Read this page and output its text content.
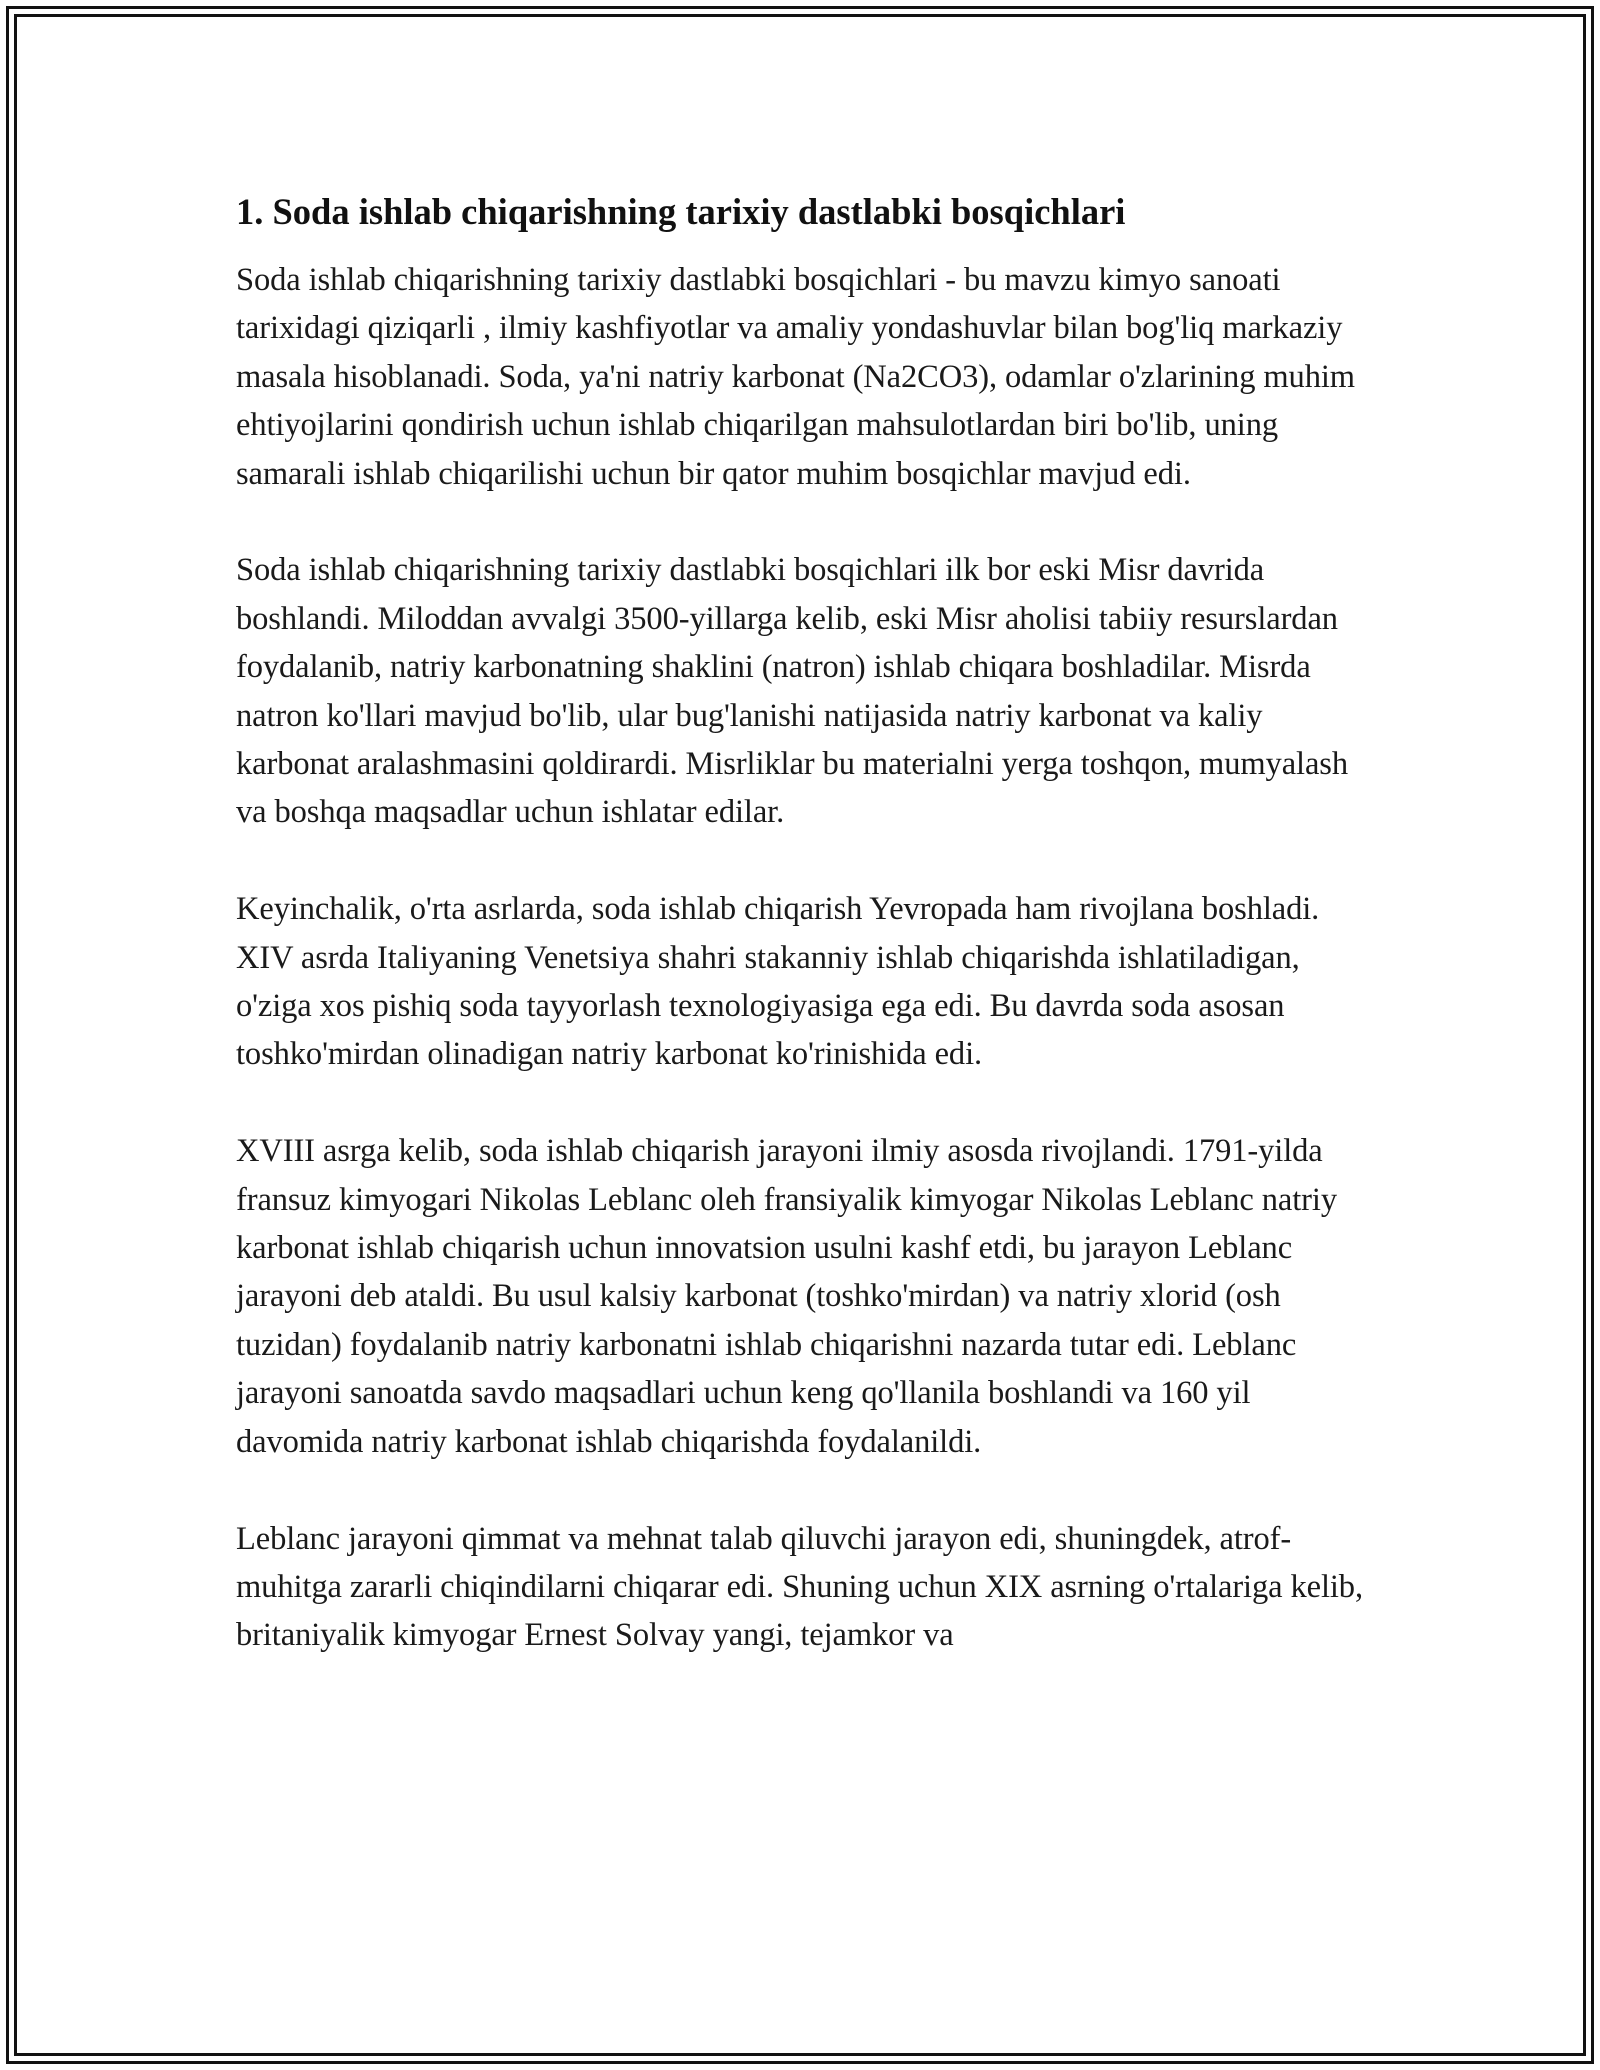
1. Soda ishlab chiqarishning tarixiy dastlabki bosqichlari

Soda ishlab chiqarishning tarixiy dastlabki bosqichlari - bu mavzu kimyo sanoati tarixidagi qiziqarli , ilmiy kashfiyotlar va amaliy yondashuvlar bilan bog'liq markaziy masala hisoblanadi. Soda, ya'ni natriy karbonat (Na2CO3), odamlar o'zlarining muhim ehtiyojlarini qondirish uchun ishlab chiqarilgan mahsulotlardan biri bo'lib, uning samarali ishlab chiqarilishi uchun bir qator muhim bosqichlar mavjud edi.

Soda ishlab chiqarishning tarixiy dastlabki bosqichlari ilk bor eski Misr davrida boshlandi. Miloddan avvalgi 3500-yillarga kelib, eski Misr aholisi tabiiy resurslardan foydalanib, natriy karbonatning shaklini (natron) ishlab chiqara boshladilar. Misrda natron ko'llari mavjud bo'lib, ular bug'lanishi natijasida natriy karbonat va kaliy karbonat aralashmasini qoldirardi. Misrliklar bu materialni yerga toshqon, mumyalash va boshqa maqsadlar uchun ishlatar edilar.

Keyinchalik, o'rta asrlarda, soda ishlab chiqarish Yevropada ham rivojlana boshladi. XIV asrda Italiyaning Venetsiya shahri stakanniy ishlab chiqarishda ishlatiladigan, o'ziga xos pishiq soda tayyorlash texnologiyasiga ega edi. Bu davrda soda asosan toshko'mirdan olinadigan natriy karbonat ko'rinishida edi.

XVIII asrga kelib, soda ishlab chiqarish jarayoni ilmiy asosda rivojlandi. 1791-yilda fransuz kimyogari Nikolas Leblanc oleh fransiyalik kimyogar Nikolas Leblanc natriy karbonat ishlab chiqarish uchun innovatsion usulni kashf etdi, bu jarayon Leblanc jarayoni deb ataldi. Bu usul kalsiy karbonat (toshko'mirdan) va natriy xlorid (osh tuzidan) foydalanib natriy karbonatni ishlab chiqarishni nazarda tutar edi. Leblanc jarayoni sanoatda savdo maqsadlari uchun keng qo'llanila boshlandi va 160 yil davomida natriy karbonat ishlab chiqarishda foydalanildi.

Leblanc jarayoni qimmat va mehnat talab qiluvchi jarayon edi, shuningdek, atrof-muhitga zararli chiqindilarni chiqarar edi. Shuning uchun XIX asrning o'rtalariga kelib, britaniyalik kimyogar Ernest Solvay yangi, tejamkor va
